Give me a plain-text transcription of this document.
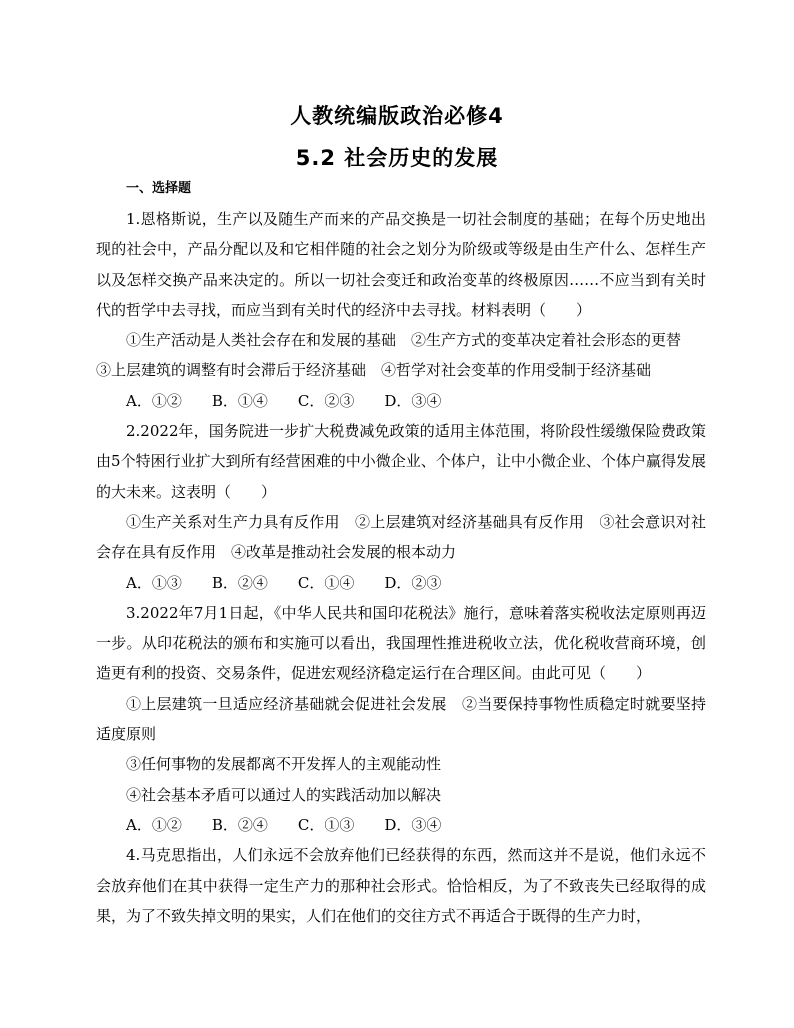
人教统编版政治必修4
5.2 社会历史的发展
一、选择题

1.恩格斯说，生产以及随生产而来的产品交换是一切社会制度的基础；在每个历史地出现的社会中，产品分配以及和它相伴随的社会之划分为阶级或等级是由生产什么、怎样生产以及怎样交换产品来决定的。所以一切社会变迁和政治变革的终极原因……不应当到有关时代的哲学中去寻找，而应当到有关时代的经济中去寻找。材料表明（　　）

①生产活动是人类社会存在和发展的基础　②生产方式的变革决定着社会形态的更替

③上层建筑的调整有时会滞后于经济基础　④哲学对社会变革的作用受制于经济基础

A．①②　　B．①④　　C．②③　　D．③④

2.2022年，国务院进一步扩大税费减免政策的适用主体范围，将阶段性缓缴保险费政策由5个特困行业扩大到所有经营困难的中小微企业、个体户，让中小微企业、个体户赢得发展的大未来。这表明（　　）

①生产关系对生产力具有反作用　②上层建筑对经济基础具有反作用　③社会意识对社会存在具有反作用　④改革是推动社会发展的根本动力

A．①③　　B．②④　　C．①④　　D．②③

3.2022年7月1日起，《中华人民共和国印花税法》施行，意味着落实税收法定原则再迈一步。从印花税法的颁布和实施可以看出，我国理性推进税收立法，优化税收营商环境，创造更有利的投资、交易条件，促进宏观经济稳定运行在合理区间。由此可见（　　）

①上层建筑一旦适应经济基础就会促进社会发展　②当要保持事物性质稳定时就要坚持适度原则

③任何事物的发展都离不开发挥人的主观能动性

④社会基本矛盾可以通过人的实践活动加以解决

A．①②　　B．②④　　C．①③　　D．③④

4.马克思指出，人们永远不会放弃他们已经获得的东西，然而这并不是说，他们永远不会放弃他们在其中获得一定生产力的那种社会形式。恰恰相反，为了不致丧失已经取得的成果，为了不致失掉文明的果实，人们在他们的交往方式不再适合于既得的生产力时，
